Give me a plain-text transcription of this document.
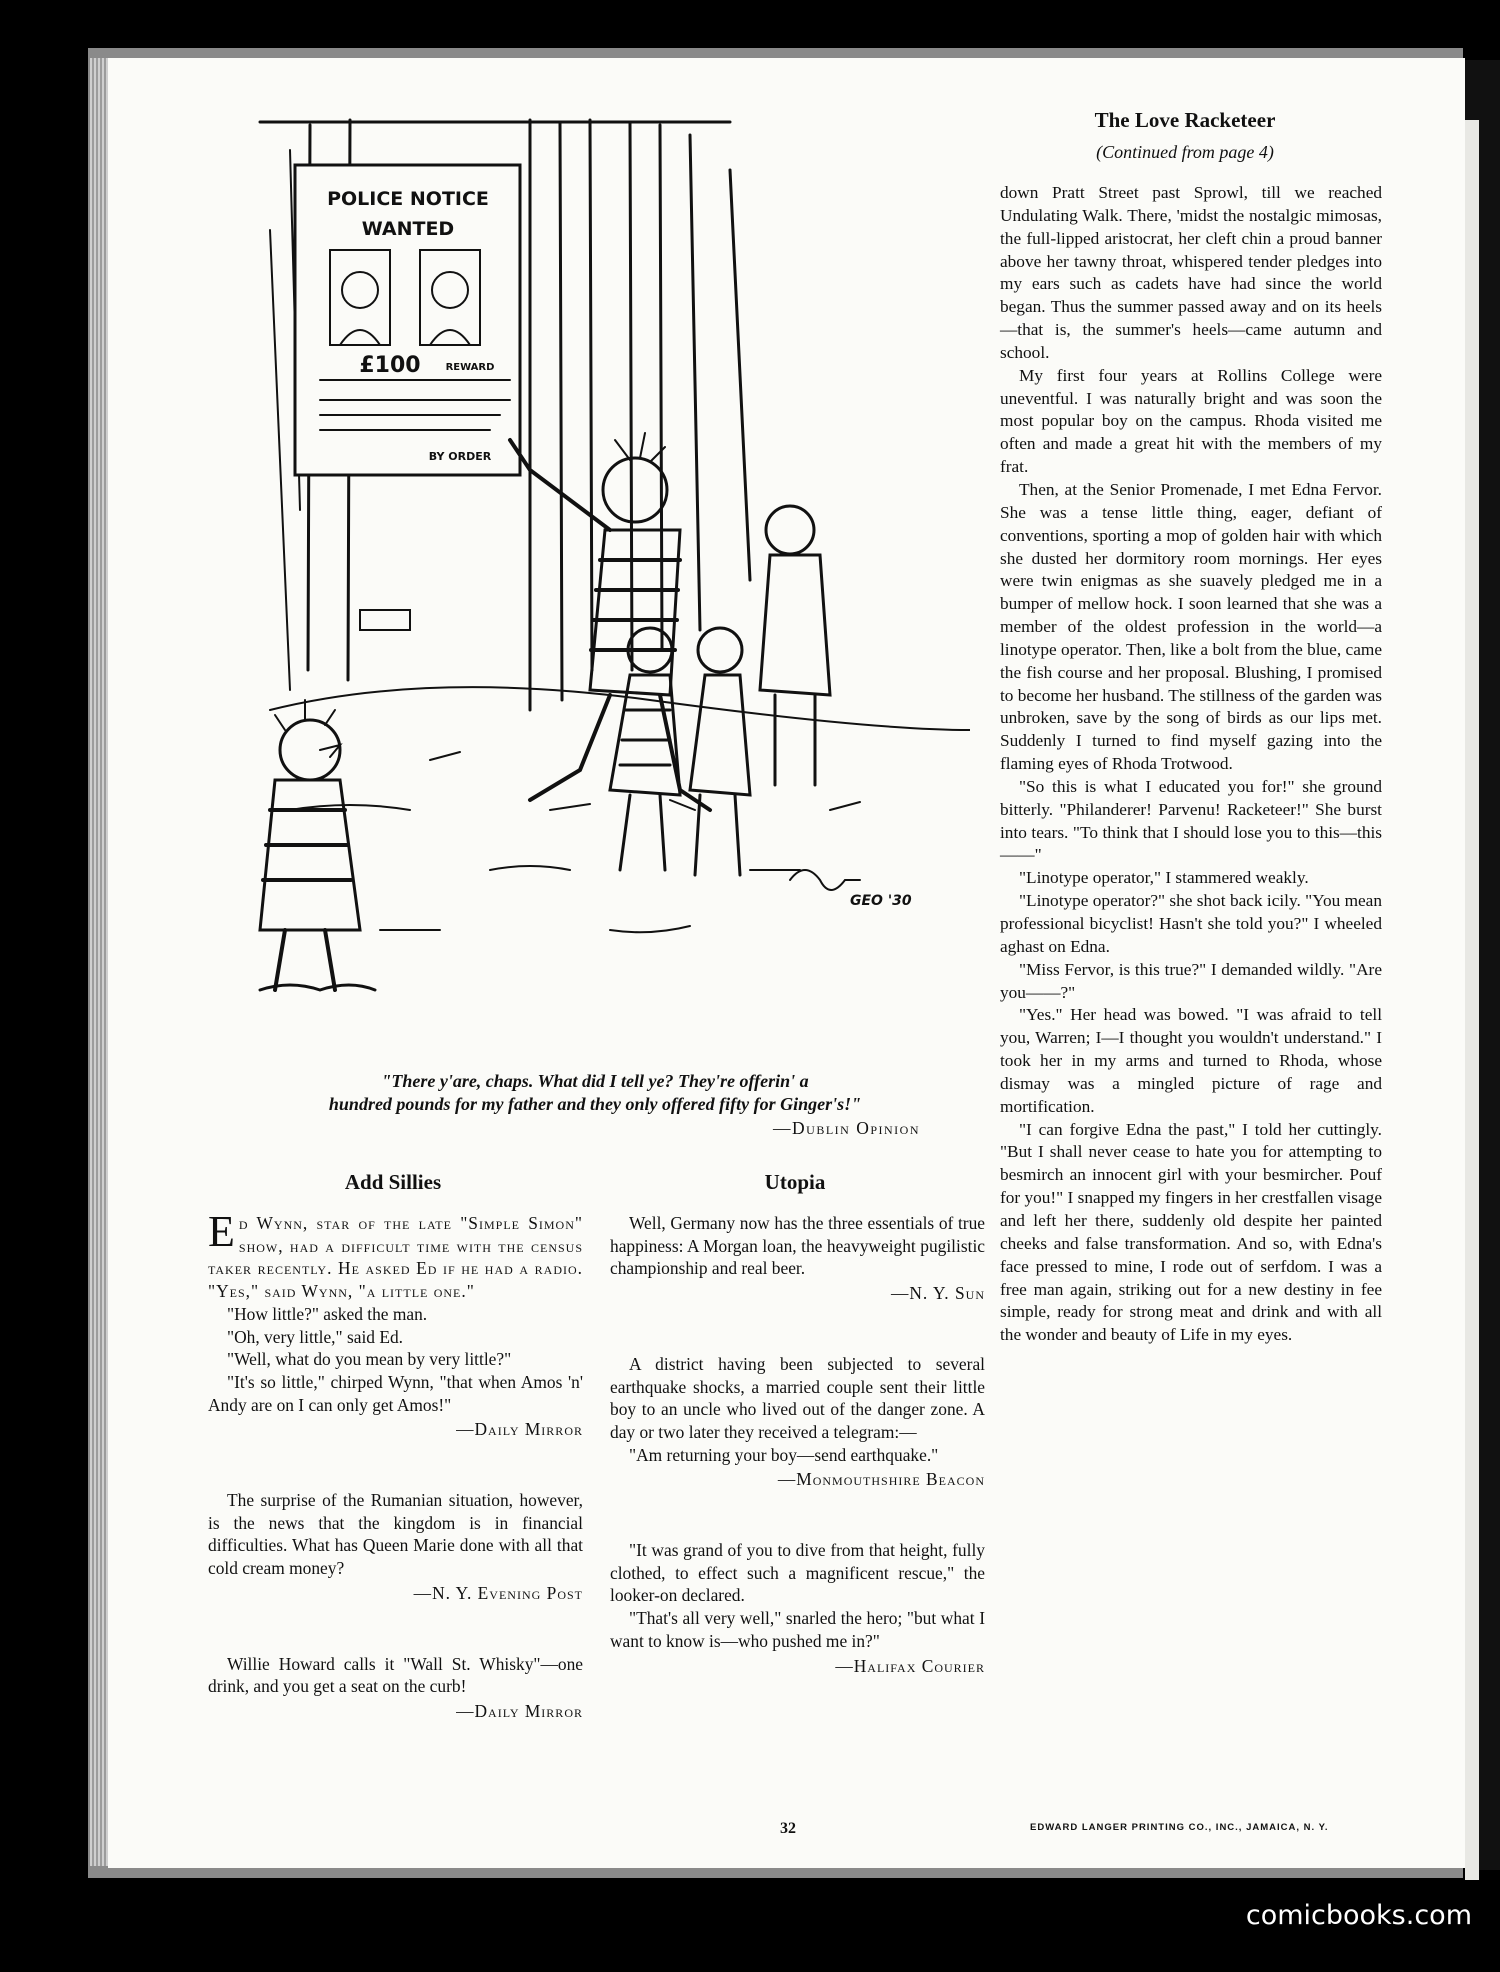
POLICE NOTICE
WANTED
£100 REWARD
BY ORDER
GEO '30
"There y'are, chaps. What did I tell ye? They're offerin' a
hundred pounds for my father and they only offered fifty for Ginger's!"
—Dublin Opinion
Add Sillies	Utopia
The Love Racketeer
(Continued from page 4)

Ed Wynn, star of the late "Simple Simon" show, had a difficult time with the census taker recently. He asked Ed if he had a radio. "Yes," said Wynn, "a little one."

"How little?" asked the man.

"Oh, very little," said Ed.

"Well, what do you mean by very little?"

"It's so little," chirped Wynn, "that when Amos 'n' Andy are on I can only get Amos!"

—Daily Mirror

The surprise of the Rumanian situation, however, is the news that the kingdom is in financial difficulties. What has Queen Marie done with all that cold cream money?

—N. Y. Evening Post

Willie Howard calls it "Wall St. Whisky"—one drink, and you get a seat on the curb!

—Daily Mirror

Well, Germany now has the three essentials of true happiness: A Morgan loan, the heavyweight pugilistic championship and real beer.

—N. Y. Sun

A district having been subjected to several earthquake shocks, a married couple sent their little boy to an uncle who lived out of the danger zone. A day or two later they received a telegram:—

"Am returning your boy—send earthquake."

—Monmouthshire Beacon

"It was grand of you to dive from that height, fully clothed, to effect such a magnificent rescue," the looker-on declared.

"That's all very well," snarled the hero; "but what I want to know is—who pushed me in?"

—Halifax Courier

down Pratt Street past Sprowl, till we reached Undulating Walk. There, 'midst the nostalgic mimosas, the full-lipped aristocrat, her cleft chin a proud banner above her tawny throat, whispered tender pledges into my ears such as cadets have had since the world began. Thus the summer passed away and on its heels—that is, the summer's heels—came autumn and school.

My first four years at Rollins College were uneventful. I was naturally bright and was soon the most popular boy on the campus. Rhoda visited me often and made a great hit with the members of my frat.

Then, at the Senior Promenade, I met Edna Fervor. She was a tense little thing, eager, defiant of conventions, sporting a mop of golden hair with which she dusted her dormitory room mornings. Her eyes were twin enigmas as she suavely pledged me in a bumper of mellow hock. I soon learned that she was a member of the oldest profession in the world—a linotype operator. Then, like a bolt from the blue, came the fish course and her proposal. Blushing, I promised to become her husband. The stillness of the garden was unbroken, save by the song of birds as our lips met. Suddenly I turned to find myself gazing into the flaming eyes of Rhoda Trotwood.

"So this is what I educated you for!" she ground bitterly. "Philanderer! Parvenu! Racketeer!" She burst into tears. "To think that I should lose you to this—this——"

"Linotype operator," I stammered weakly.

"Linotype operator?" she shot back icily. "You mean professional bicyclist! Hasn't she told you?" I wheeled aghast on Edna.

"Miss Fervor, is this true?" I demanded wildly. "Are you——?"

"Yes." Her head was bowed. "I was afraid to tell you, Warren; I—I thought you wouldn't understand." I took her in my arms and turned to Rhoda, whose dismay was a mingled picture of rage and mortification.

"I can forgive Edna the past," I told her cuttingly. "But I shall never cease to hate you for attempting to besmirch an innocent girl with your besmircher. Pouf for you!" I snapped my fingers in her crestfallen visage and left her there, suddenly old despite her painted cheeks and false transformation. And so, with Edna's face pressed to mine, I rode out of serfdom. I was a free man again, striking out for a new destiny in fee simple, ready for strong meat and drink and with all the wonder and beauty of Life in my eyes.

32	EDWARD LANGER PRINTING CO., INC., JAMAICA, N. Y.
comicbooks.com
